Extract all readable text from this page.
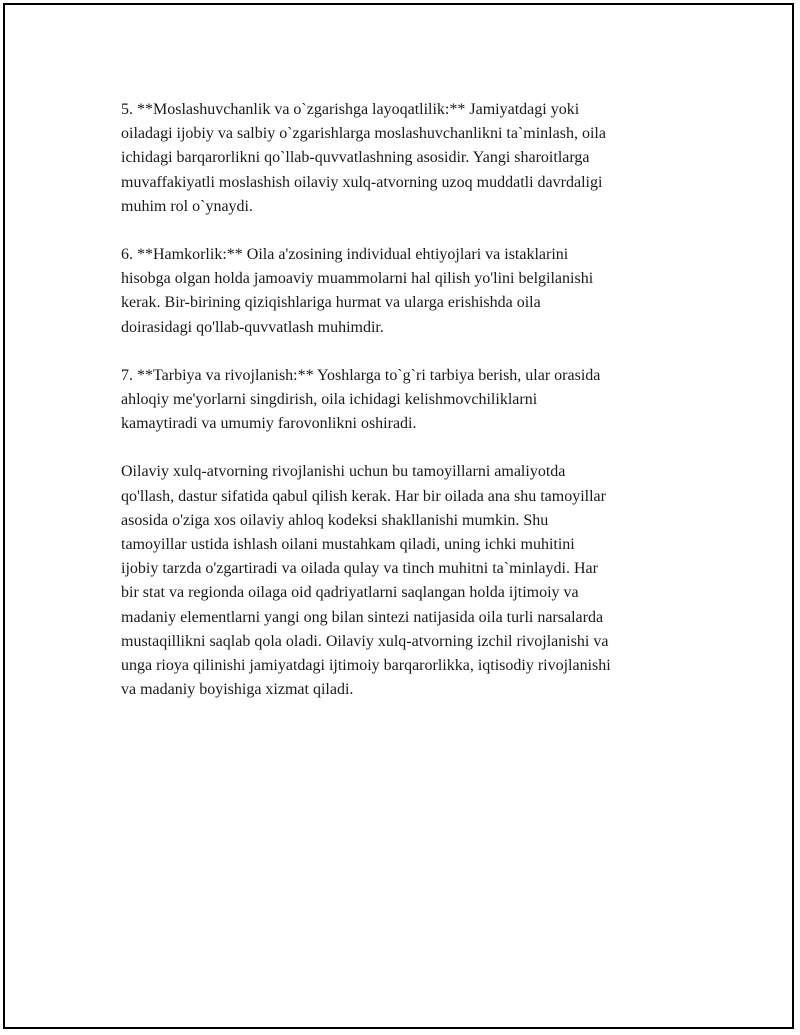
5. **Moslashuvchanlik va o`zgarishga layoqatlilik:** Jamiyatdagi yoki
oiladagi ijobiy va salbiy o`zgarishlarga moslashuvchanlikni ta`minlash, oila
ichidagi barqarorlikni qo`llab-quvvatlashning asosidir. Yangi sharoitlarga
muvaffakiyatli moslashish oilaviy xulq-atvorning uzoq muddatli davrdaligi
muhim rol o`ynaydi.

6. **Hamkorlik:** Oila a'zosining individual ehtiyojlari va istaklarini
hisobga olgan holda jamoaviy muammolarni hal qilish yo'lini belgilanishi
kerak. Bir-birining qiziqishlariga hurmat va ularga erishishda oila
doirasidagi qo'llab-quvvatlash muhimdir.

7. **Tarbiya va rivojlanish:** Yoshlarga to`g`ri tarbiya berish, ular orasida
ahloqiy me'yorlarni singdirish, oila ichidagi kelishmovchiliklarni
kamaytiradi va umumiy farovonlikni oshiradi.

Oilaviy xulq-atvorning rivojlanishi uchun bu tamoyillarni amaliyotda
qo'llash, dastur sifatida qabul qilish kerak. Har bir oilada ana shu tamoyillar
asosida o'ziga xos oilaviy ahloq kodeksi shakllanishi mumkin. Shu
tamoyillar ustida ishlash oilani mustahkam qiladi, uning ichki muhitini
ijobiy tarzda o'zgartiradi va oilada qulay va tinch muhitni ta`minlaydi. Har
bir stat va regionda oilaga oid qadriyatlarni saqlangan holda ijtimoiy va
madaniy elementlarni yangi ong bilan sintezi natijasida oila turli narsalarda
mustaqillikni saqlab qola oladi. Oilaviy xulq-atvorning izchil rivojlanishi va
unga rioya qilinishi jamiyatdagi ijtimoiy barqarorlikka, iqtisodiy rivojlanishi
va madaniy boyishiga xizmat qiladi.
